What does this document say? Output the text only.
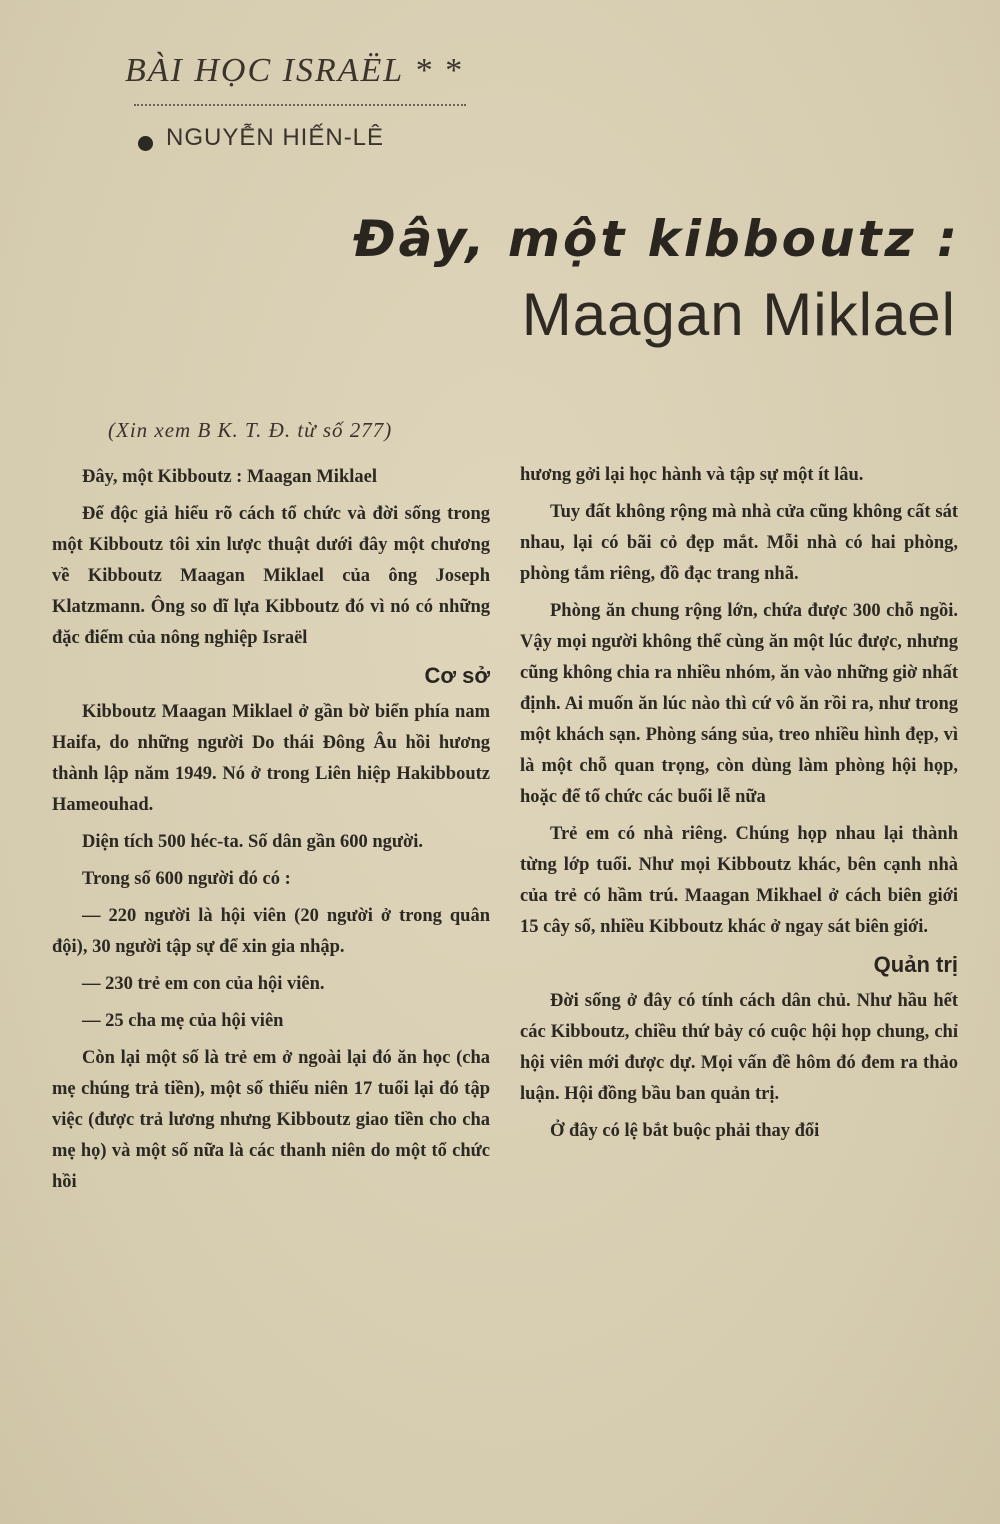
BÀI HỌC ISRAËL * *
NGUYỄN HIẾN-LÊ
Đây, một kibboutz :
Maagan Miklael
(Xin xem B K. T. Đ. từ số 277)

Đây, một Kibboutz : Maagan Miklael

Để độc giả hiểu rõ cách tổ chức và đời sống trong một Kibboutz tôi xin lược thuật dưới đây một chương về Kibboutz Maagan Miklael của ông Joseph Klatzmann. Ông so dĩ lựa Kibboutz đó vì nó có những đặc điểm của nông nghiệp Israël

Cơ sở

Kibboutz Maagan Miklael ở gần bờ biển phía nam Haifa, do những người Do thái Đông Âu hồi hương thành lập năm 1949. Nó ở trong Liên hiệp Hakibboutz Hameouhad.

Diện tích 500 héc-ta. Số dân gần 600 người.

Trong số 600 người đó có :

— 220 người là hội viên (20 người ở trong quân đội), 30 người tập sự để xin gia nhập.

— 230 trẻ em con của hội viên.

— 25 cha mẹ của hội viên

Còn lại một số là trẻ em ở ngoài lại đó ăn học (cha mẹ chúng trả tiền), một số thiếu niên 17 tuổi lại đó tập việc (được trả lương nhưng Kibboutz giao tiền cho cha mẹ họ) và một số nữa là các thanh niên do một tổ chức hồi

hương gởi lại học hành và tập sự một ít lâu.

Tuy đất không rộng mà nhà cửa cũng không cất sát nhau, lại có bãi cỏ đẹp mắt. Mỗi nhà có hai phòng, phòng tắm riêng, đồ đạc trang nhã.

Phòng ăn chung rộng lớn, chứa được 300 chỗ ngồi. Vậy mọi người không thể cùng ăn một lúc được, nhưng cũng không chia ra nhiều nhóm, ăn vào những giờ nhất định. Ai muốn ăn lúc nào thì cứ vô ăn rồi ra, như trong một khách sạn. Phòng sáng sủa, treo nhiều hình đẹp, vì là một chỗ quan trọng, còn dùng làm phòng hội họp, hoặc để tổ chức các buổi lễ nữa

Trẻ em có nhà riêng. Chúng họp nhau lại thành từng lớp tuổi. Như mọi Kibboutz khác, bên cạnh nhà của trẻ có hầm trú. Maagan Mikhael ở cách biên giới 15 cây số, nhiều Kibboutz khác ở ngay sát biên giới.

Quản trị

Đời sống ở đây có tính cách dân chủ. Như hầu hết các Kibboutz, chiều thứ bảy có cuộc hội họp chung, chỉ hội viên mới được dự. Mọi vấn đề hôm đó đem ra thảo luận. Hội đồng bầu ban quản trị.

Ở đây có lệ bắt buộc phải thay đổi
